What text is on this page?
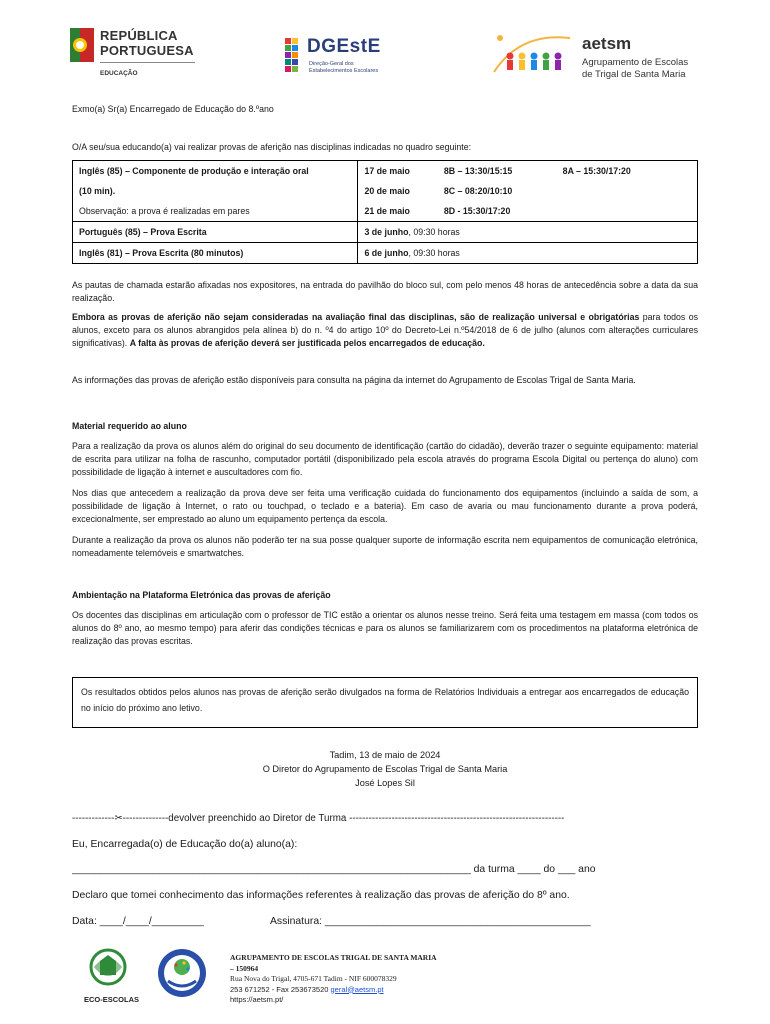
REPÚBLICA
PORTUGUESA
EDUCAÇÃO
DGEstE
Direção-Geral dos
Estabelecimentos Escolares
aetsm
Agrupamento de Escolas
de Trigal de Santa Maria
Exmo(a) Sr(a) Encarregado de Educação do 8.ºano
O/A seu/sua educando(a) vai realizar provas de aferição nas disciplinas indicadas no quadro seguinte:
Inglês (85) – Componente de produção e interação oral	17 de maio	8B – 13:30/15:15	8A – 15:30/17:20

(10 min).	20 de maio	8C – 08:20/10:10	

Observação: a prova é realizadas em pares	21 de maio	8D - 15:30/17:20	

Português (85) – Prova Escrita	3 de junho , 09:30 horas		

Inglês (81) – Prova Escrita (80 minutos)	6 de junho , 09:30 horas		
As pautas de chamada estarão afixadas nos expositores, na entrada do pavilhão do bloco sul, com pelo menos 48 horas de antecedência sobre a data da sua realização.
Embora as provas de aferição não sejam consideradas na avaliação final das disciplinas, são de realização universal e obrigatórias para todos os alunos, exceto para os alunos abrangidos pela alínea b) do n. º4 do artigo 10º do Decreto-Lei n.º54/2018 de 6 de julho (alunos com alterações curriculares significativas). A falta às provas de aferição deverá ser justificada pelos encarregados de educação.
As informações das provas de aferição estão disponíveis para consulta na página da internet do Agrupamento de Escolas Trigal de Santa Maria.
Material requerido ao aluno
Para a realização da prova os alunos além do original do seu documento de identificação (cartão do cidadão), deverão trazer o seguinte equipamento: material de escrita para utilizar na folha de rascunho, computador portátil (disponibilizado pela escola através do programa Escola Digital ou pertença do aluno) com possibilidade de ligação à internet e auscultadores com fio.
Nos dias que antecedem a realização da prova deve ser feita uma verificação cuidada do funcionamento dos equipamentos (incluindo a saída de som, a possibilidade de ligação à Internet, o rato ou touchpad, o teclado e a bateria). Em caso de avaria ou mau funcionamento durante a prova poderá, excecionalmente, ser emprestado ao aluno um equipamento pertença da escola.
Durante a realização da prova os alunos não poderão ter na sua posse qualquer suporte de informação escrita nem equipamentos de comunicação eletrónica, nomeadamente telemóveis e smartwatches.
Ambientação na Plataforma Eletrónica das provas de aferição
Os docentes das disciplinas em articulação com o professor de TIC estão a orientar os alunos nesse treino. Será feita uma testagem em massa (com todos os alunos do 8º ano, ao mesmo tempo) para aferir das condições técnicas e para os alunos se familiarizarem com os procedimentos na plataforma eletrónica de realização das provas escritas.
Os resultados obtidos pelos alunos nas provas de aferição serão divulgados na forma de Relatórios Individuais a entregar aos encarregados de educação no início do próximo ano letivo.
Tadim, 13 de maio de 2024
O Diretor do Agrupamento de Escolas Trigal de Santa Maria
José Lopes Sil
-------------✂--------------devolver preenchido ao Diretor de Turma ------------------------------------------------------------------
Eu, Encarregada(o) de Educação do(a) aluno(a):
_____________________________________________________________________ da turma ____ do ___ ano
Declaro que tomei conhecimento das informações referentes à realização das provas de aferição do 8º ano.
Data: ____/____/_________	Assinatura: ______________________________________________
ECO-ESCOLAS
AGRUPAMENTO DE ESCOLAS TRIGAL DE SANTA MARIA
– 150964
Rua Nova do Trigal, 4705-671 Tadim - NIF 600078329
253 671252 - Fax 253673520 geral@aetsm.pt
https://aetsm.pt/
